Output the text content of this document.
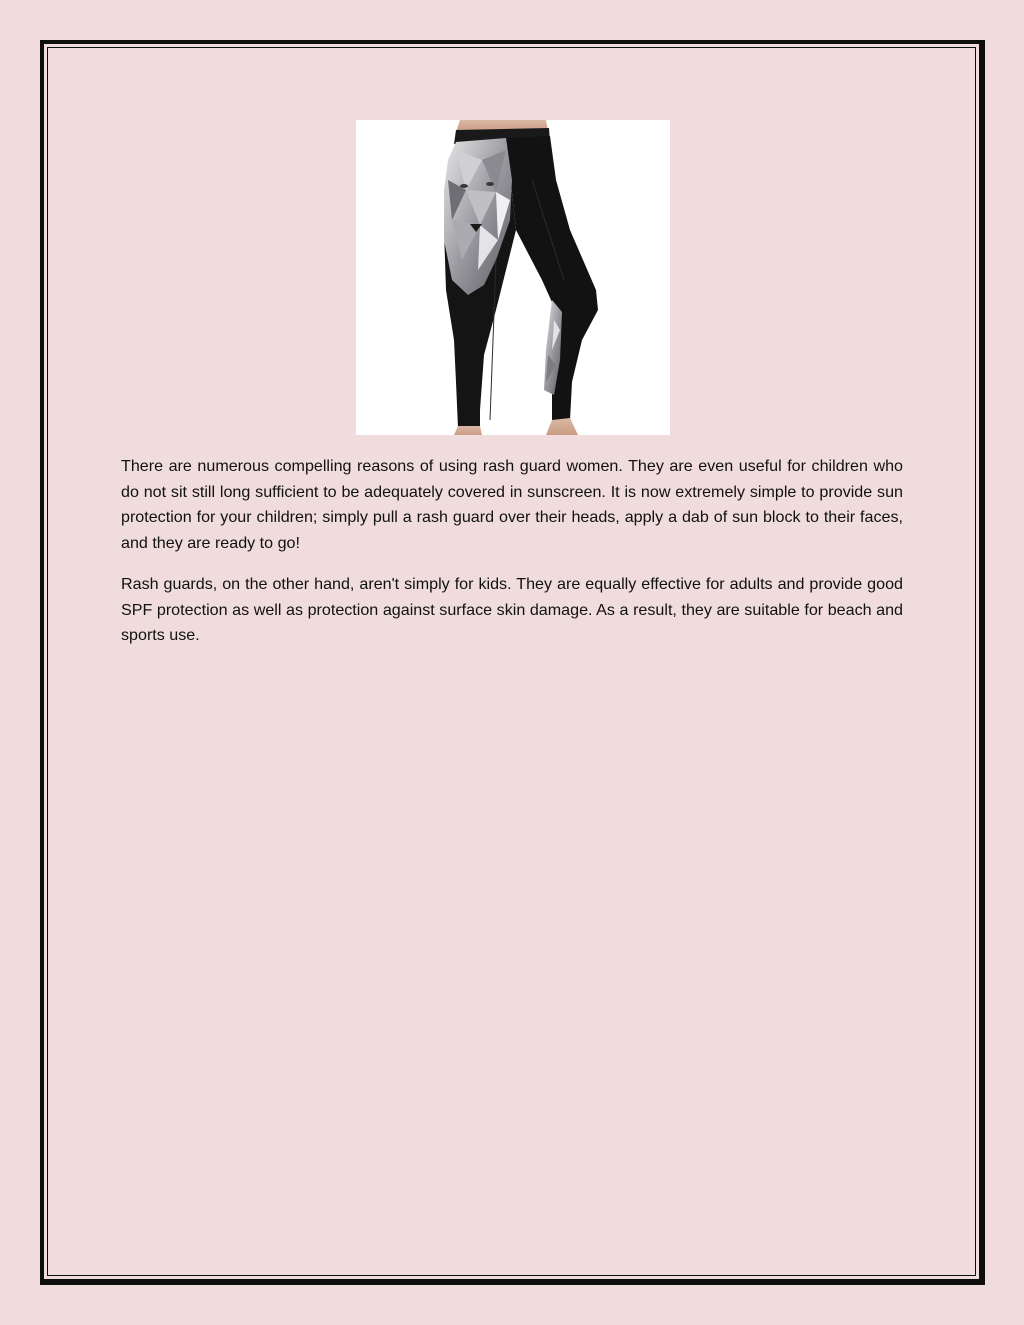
There are numerous compelling reasons of using rash guard women. They are even useful for children who do not sit still long sufficient to be adequately covered in sunscreen. It is now extremely simple to provide sun protection for your children; simply pull a rash guard over their heads, apply a dab of sun block to their faces, and they are ready to go!

Rash guards, on the other hand, aren't simply for kids. They are equally effective for adults and provide good SPF protection as well as protection against surface skin damage. As a result, they are suitable for beach and sports use.
